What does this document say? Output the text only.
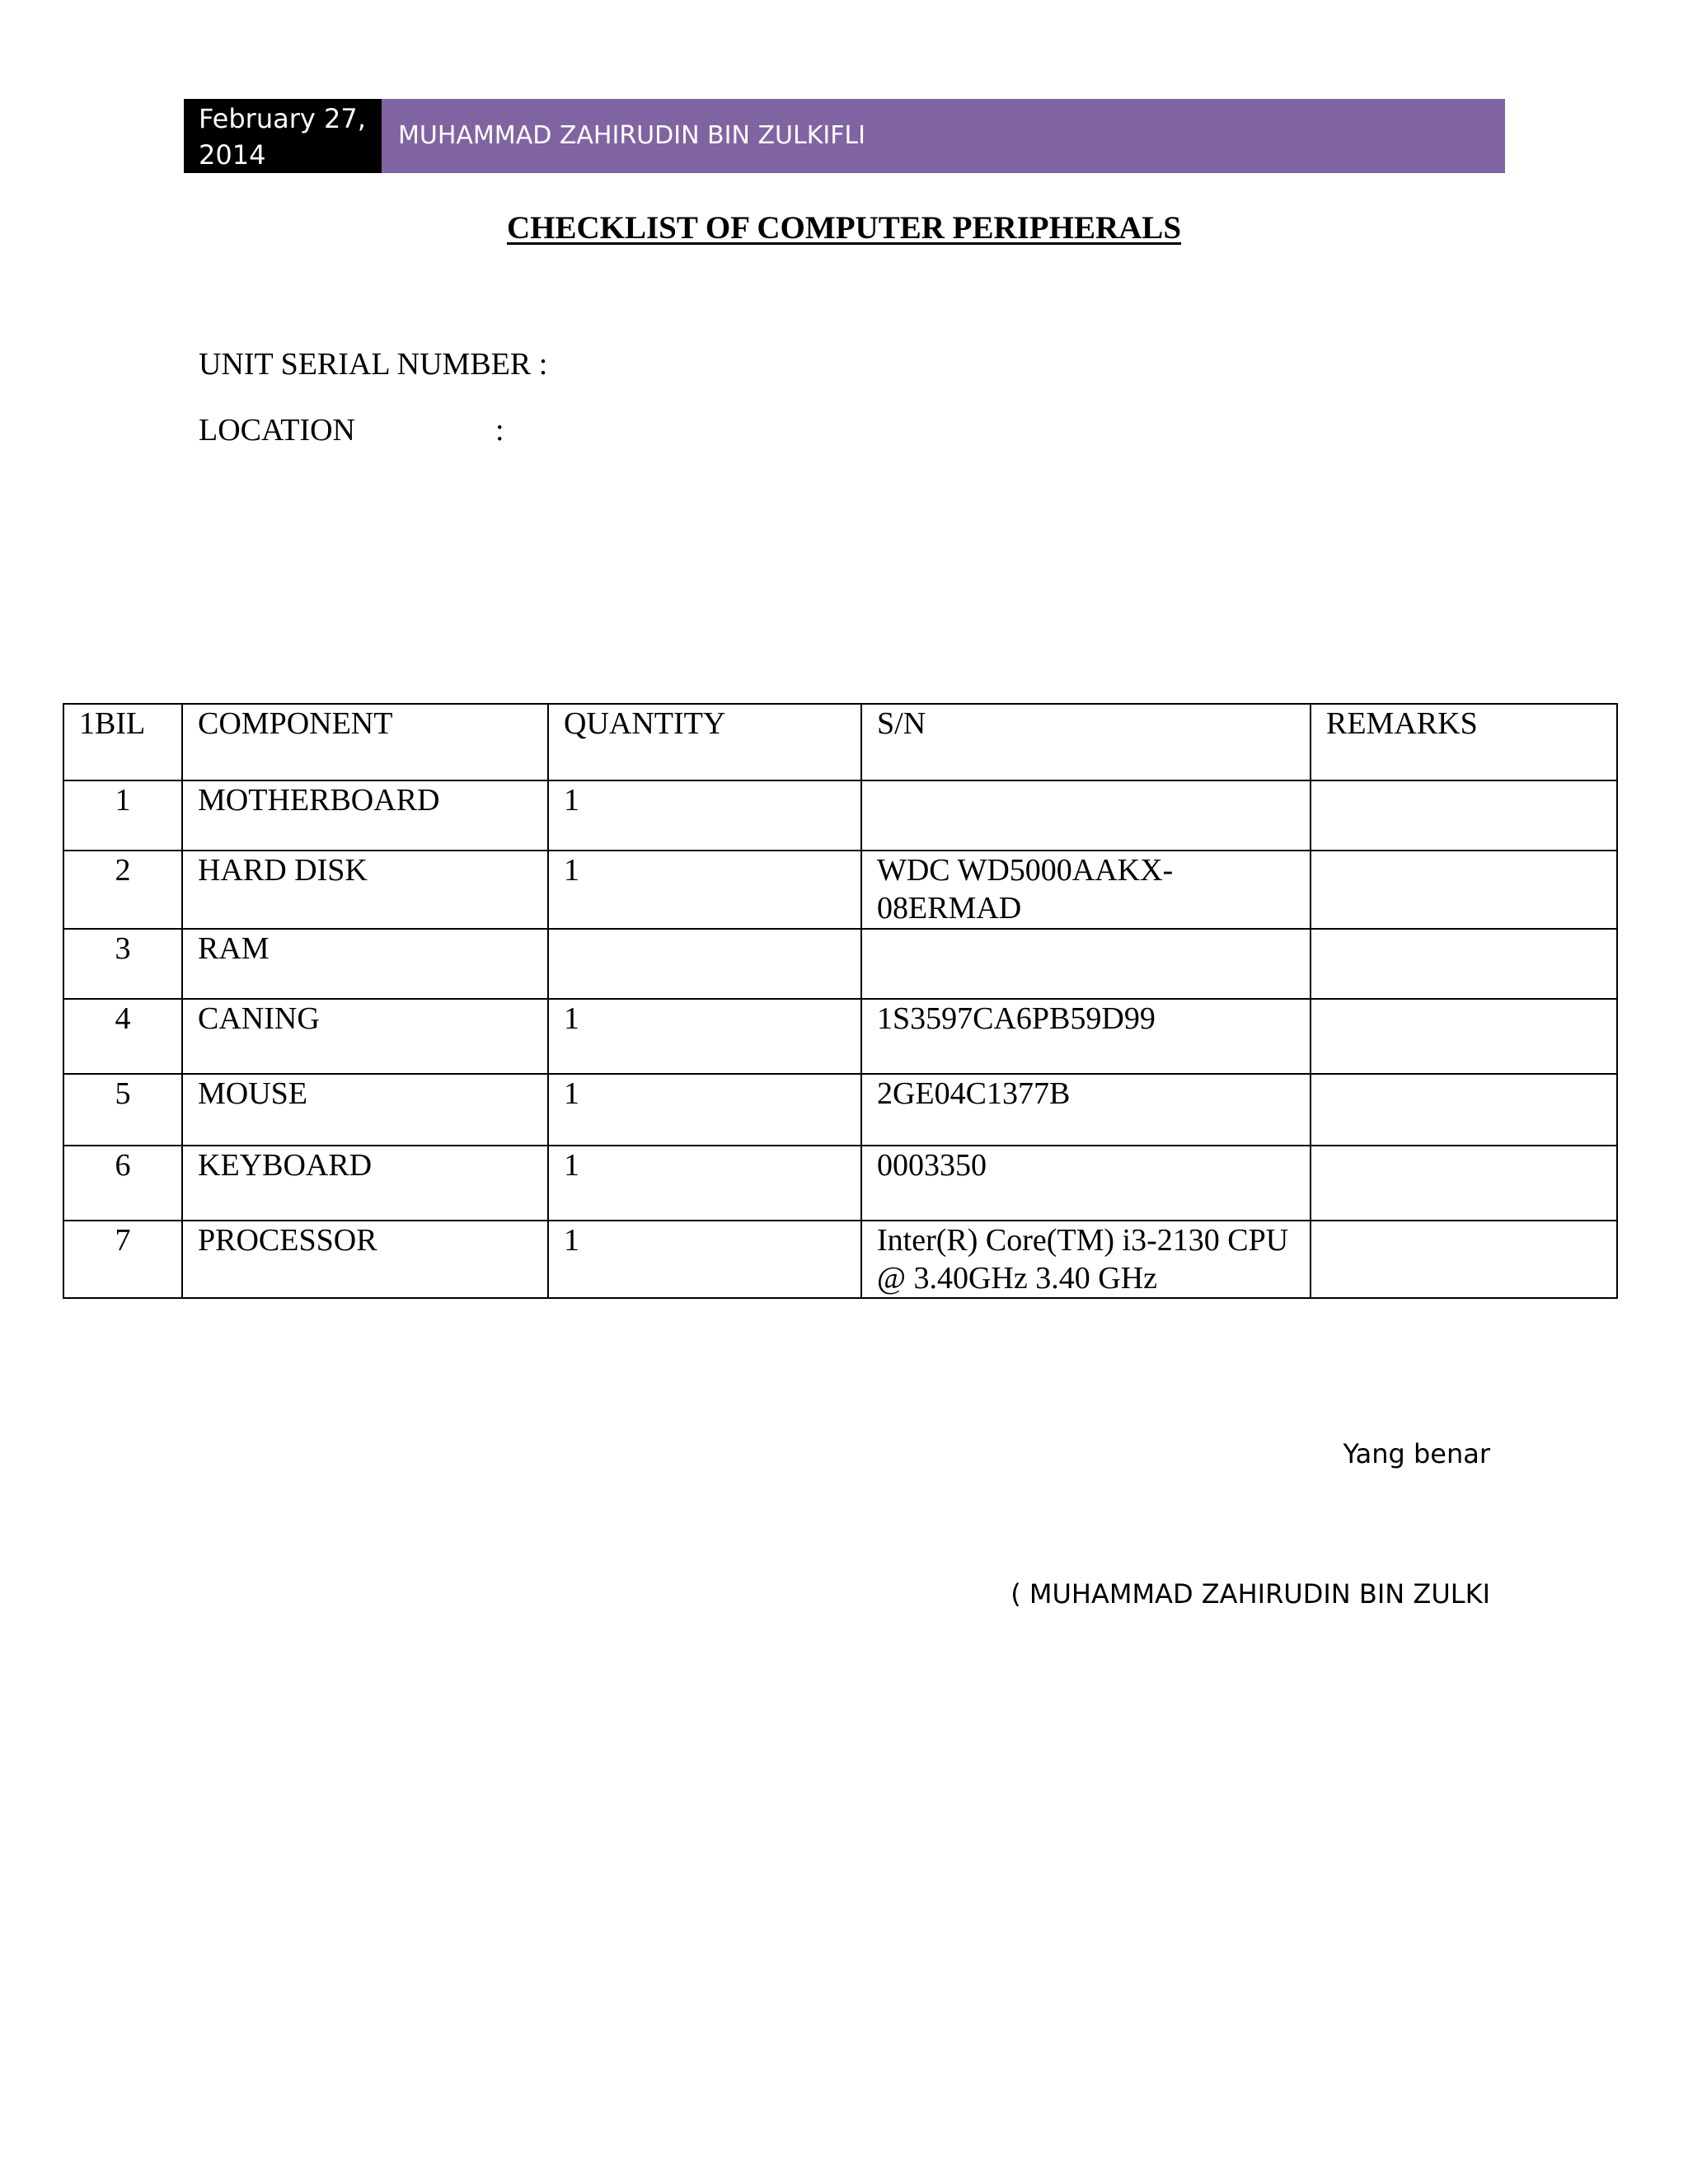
February 27, 2014
MUHAMMAD ZAHIRUDIN BIN ZULKIFLI
CHECKLIST OF COMPUTER PERIPHERALS
UNIT SERIAL NUMBER :
LOCATION	:
1BIL	COMPONENT	QUANTITY	S/N	REMARKS
1	MOTHERBOARD	1		
2	HARD DISK	1	WDC WD5000AAKX-08ERMAD	
3	RAM			
4	CANING	1	1S3597CA6PB59D99	
5	MOUSE	1	2GE04C1377B	
6	KEYBOARD	1	0003350	
7	PROCESSOR	1	Inter(R) Core(TM) i3-2130 CPU @ 3.40GHz 3.40 GHz	
Yang benar
( MUHAMMAD ZAHIRUDIN BIN ZULKI
